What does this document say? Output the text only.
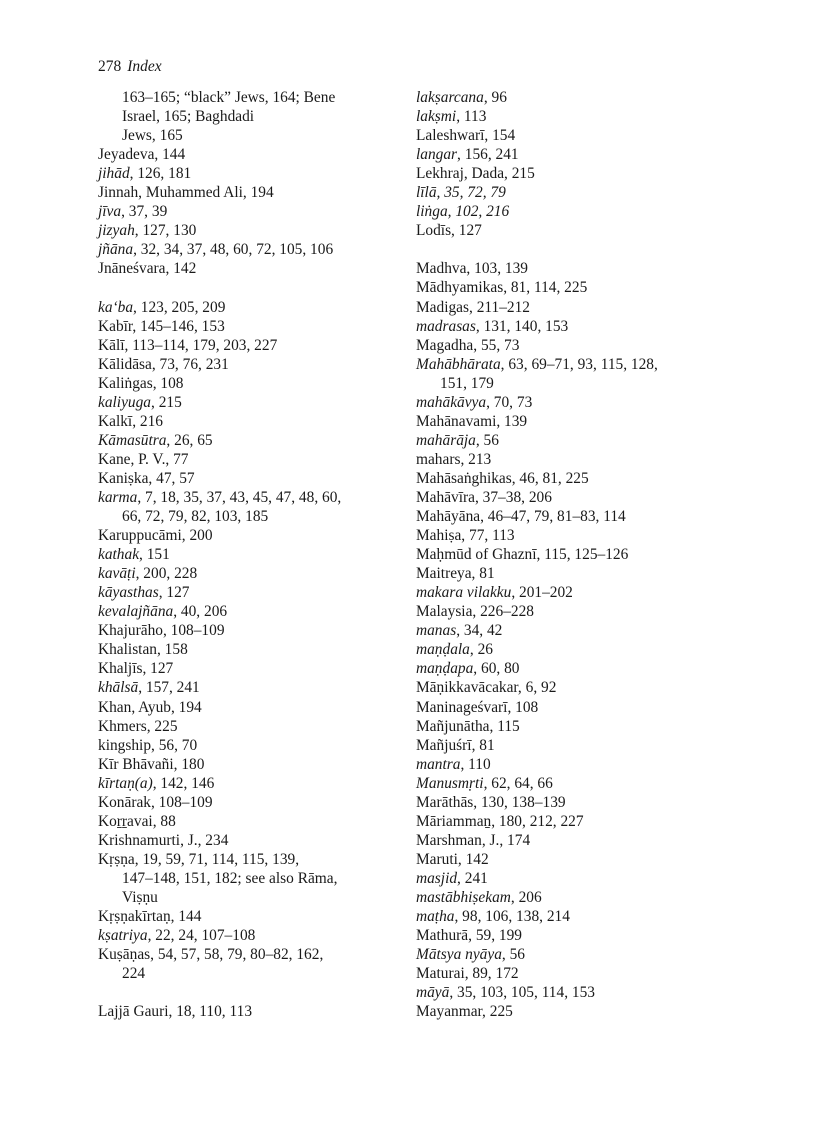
278 Index
163–165; “black” Jews, 164; Bene
Israel, 165; Baghdadi
Jews, 165
Jeyadeva, 144
jihād, 126, 181
Jinnah, Muhammed Ali, 194
jīva, 37, 39
jizyah, 127, 130
jñāna, 32, 34, 37, 48, 60, 72, 105, 106
Jnāneśvara, 142
ka‘ba, 123, 205, 209
Kabīr, 145–146, 153
Kālī, 113–114, 179, 203, 227
Kālidāsa, 73, 76, 231
Kaliṅgas, 108
kaliyuga, 215
Kalkī, 216
Kāmasūtra, 26, 65
Kane, P. V., 77
Kaniṣka, 47, 57
karma, 7, 18, 35, 37, 43, 45, 47, 48, 60,
66, 72, 79, 82, 103, 185
Karuppucāmi, 200
kathak, 151
kavāṭi, 200, 228
kāyasthas, 127
kevalajñāna, 40, 206
Khajurāho, 108–109
Khalistan, 158
Khaljīs, 127
khālsā, 157, 241
Khan, Ayub, 194
Khmers, 225
kingship, 56, 70
Kīr Bhāvañi, 180
kīrtaṇ(a), 142, 146
Konārak, 108–109
Koṟṟavai, 88
Krishnamurti, J., 234
Kṛṣṇa, 19, 59, 71, 114, 115, 139,
147–148, 151, 182; see also Rāma,
Viṣṇu
Kṛṣṇakīrtaṇ, 144
kṣatriya, 22, 24, 107–108
Kuṣāṇas, 54, 57, 58, 79, 80–82, 162,
224
Lajjā Gauri, 18, 110, 113
lakṣarcana, 96
lakṣmi, 113
Laleshwarī, 154
langar, 156, 241
Lekhraj, Dada, 215
līlā, 35, 72, 79
liṅga, 102, 216
Lodīs, 127
Madhva, 103, 139
Mādhyamikas, 81, 114, 225
Madigas, 211–212
madrasas, 131, 140, 153
Magadha, 55, 73
Mahābhārata, 63, 69–71, 93, 115, 128,
151, 179
mahākāvya, 70, 73
Mahānavami, 139
mahārāja, 56
mahars, 213
Mahāsaṅghikas, 46, 81, 225
Mahāvīra, 37–38, 206
Mahāyāna, 46–47, 79, 81–83, 114
Mahiṣa, 77, 113
Maḥmūd of Ghaznī, 115, 125–126
Maitreya, 81
makara vilakku, 201–202
Malaysia, 226–228
manas, 34, 42
maṇḍala, 26
maṇḍapa, 60, 80
Māṇikkavācakar, 6, 92
Maninageśvarī, 108
Mañjunātha, 115
Mañjuśrī, 81
mantra, 110
Manusmṛti, 62, 64, 66
Marāthās, 130, 138–139
Māriammaṉ, 180, 212, 227
Marshman, J., 174
Maruti, 142
masjid, 241
mastābhiṣekam, 206
maṭha, 98, 106, 138, 214
Mathurā, 59, 199
Mātsya nyāya, 56
Maturai, 89, 172
māyā, 35, 103, 105, 114, 153
Mayanmar, 225
